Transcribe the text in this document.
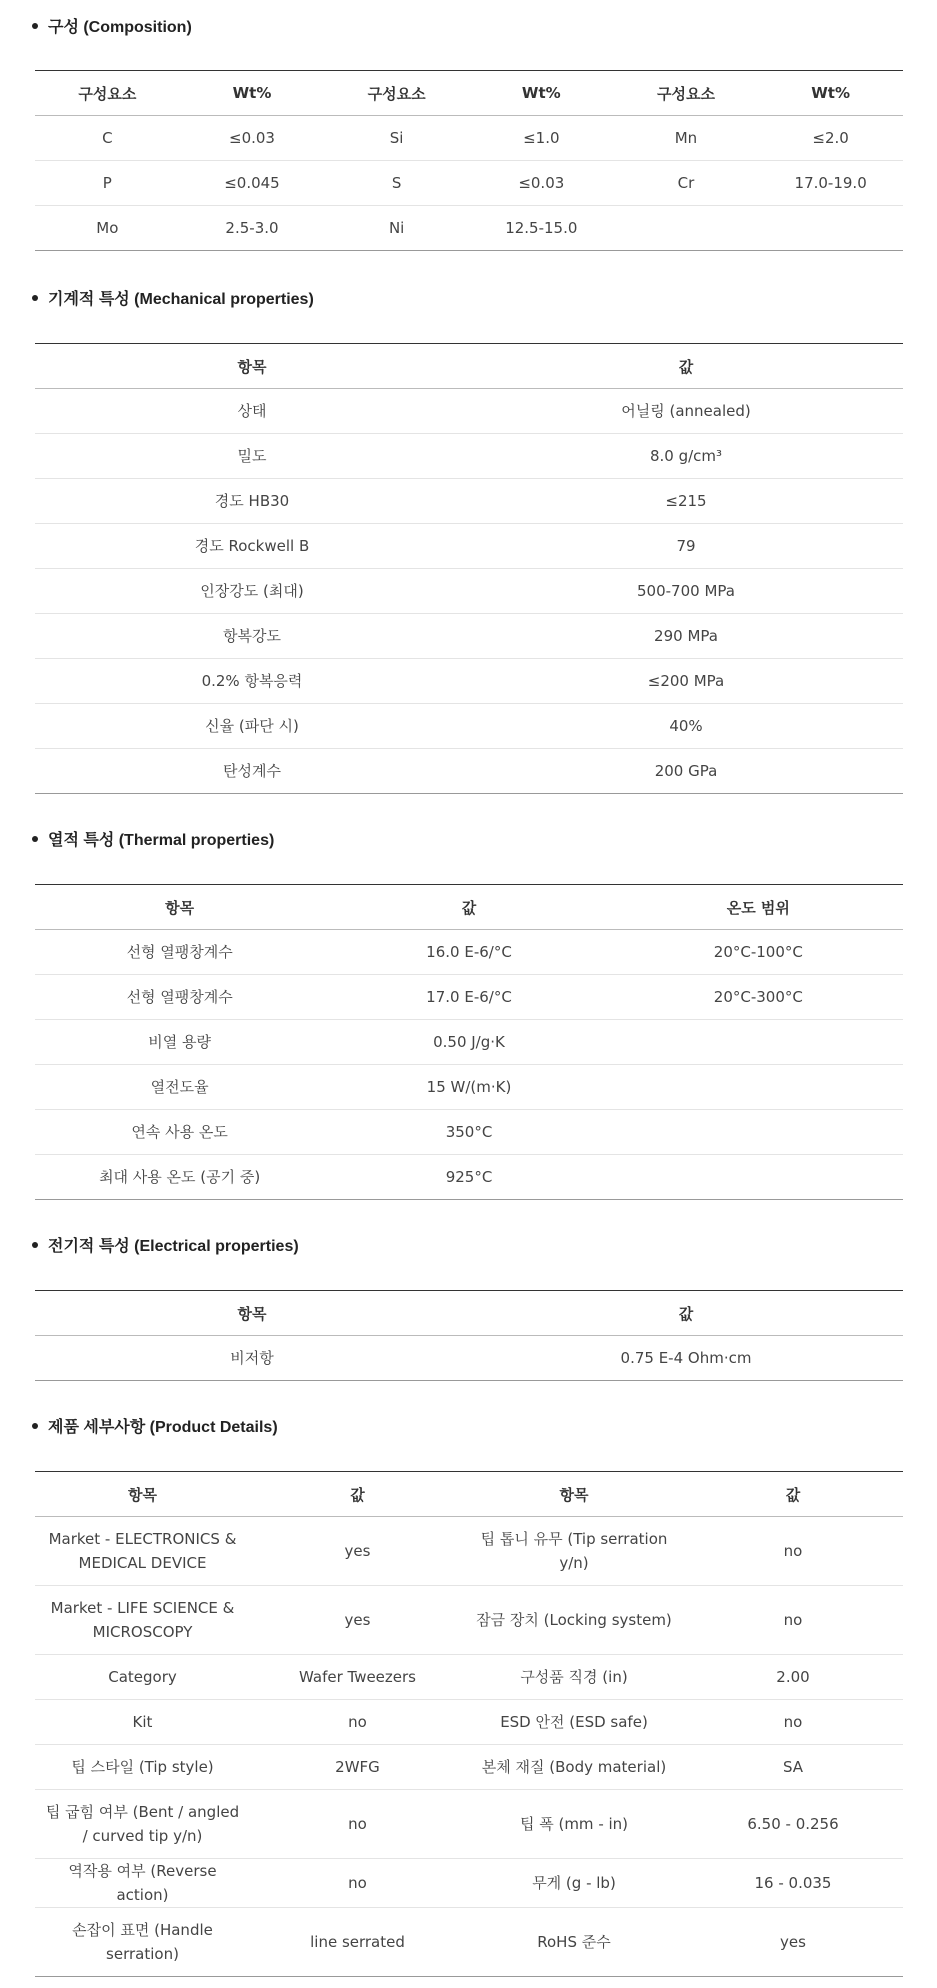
구성 (Composition)
구성요소	Wt%	구성요소	Wt%	구성요소	Wt%
C	≤0.03	Si	≤1.0	Mn	≤2.0
P	≤0.045	S	≤0.03	Cr	17.0-19.0
Mo	2.5-3.0	Ni	12.5-15.0		
기계적 특성 (Mechanical properties)
항목	값
상태	어닐링 (annealed)
밀도	8.0 g/cm³
경도 HB30	≤215
경도 Rockwell B	79
인장강도 (최대)	500-700 MPa
항복강도	290 MPa
0.2% 항복응력	≤200 MPa
신율 (파단 시)	40%
탄성계수	200 GPa
열적 특성 (Thermal properties)
항목	값	온도 범위
선형 열팽창계수	16.0 E-6/°C	20°C-100°C
선형 열팽창계수	17.0 E-6/°C	20°C-300°C
비열 용량	0.50 J/g·K	
열전도율	15 W/(m·K)	
연속 사용 온도	350°C	
최대 사용 온도 (공기 중)	925°C	
전기적 특성 (Electrical properties)
항목	값
비저항	0.75 E-4 Ohm·cm
제품 세부사항 (Product Details)
항목	값	항목	값
Market - ELECTRONICS & MEDICAL DEVICE	yes	팁 톱니 유무 (Tip serration y/n)	no
Market - LIFE SCIENCE & MICROSCOPY	yes	잠금 장치 (Locking system)	no
Category	Wafer Tweezers	구성품 직경 (in)	2.00
Kit	no	ESD 안전 (ESD safe)	no
팁 스타일 (Tip style)	2WFG	본체 재질 (Body material)	SA
팁 굽힘 여부 (Bent / angled / curved tip y/n)	no	팁 폭 (mm - in)	6.50 - 0.256
역작용 여부 (Reverse action)	no	무게 (g - lb)	16 - 0.035
손잡이 표면 (Handle serration)	line serrated	RoHS 준수	yes
